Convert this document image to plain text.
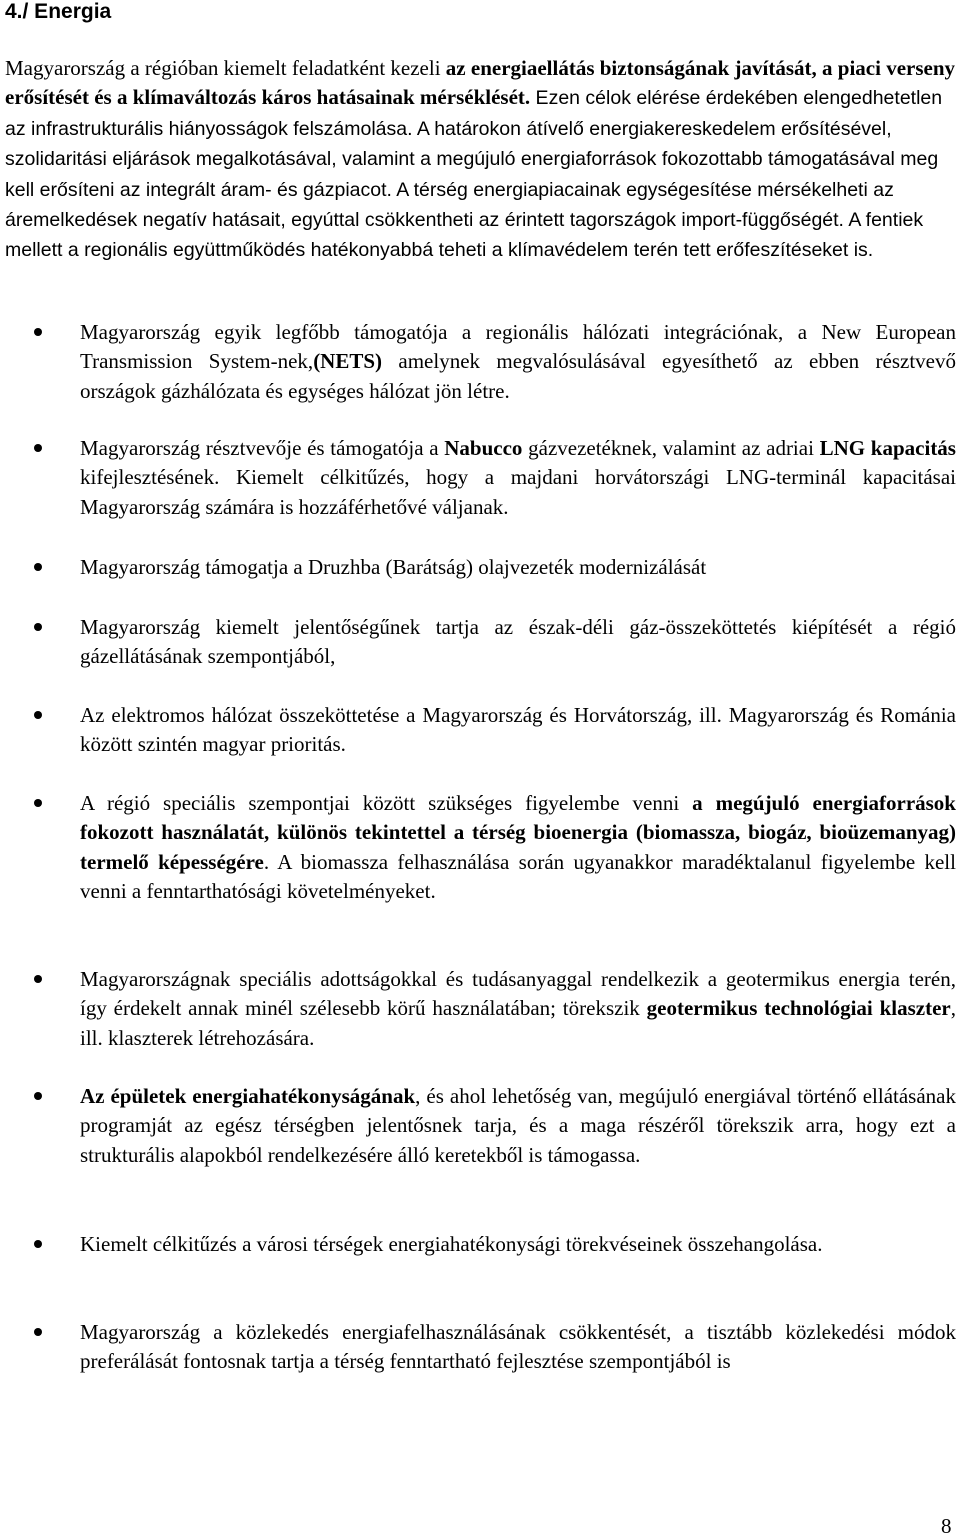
4./ Energia

Magyarország a régióban kiemelt feladatként kezeli az energiaellátás biztonságának javítását, a piaci verseny erősítését és a klímaváltozás káros hatásainak mérséklését. Ezen célok elérése érdekében elengedhetetlen az infrastrukturális hiányosságok felszámolása. A határokon átívelő energiakereskedelem erősítésével, szolidaritási eljárások megalkotásával, valamint a megújuló energiaforrások fokozottabb támogatásával meg kell erősíteni az integrált áram- és gázpiacot. A térség energiapiacainak egységesítése mérsékelheti az áremelkedések negatív hatásait, egyúttal csökkentheti az érintett tagországok import-függőségét. A fentiek mellett a regionális együttműködés hatékonyabbá teheti a klímavédelem terén tett erőfeszítéseket is.

Magyarország egyik legfőbb támogatója a regionális hálózati integrációnak, a New European Transmission System-nek,(NETS) amelynek megvalósulásával egyesíthető az ebben résztvevő országok gázhálózata és egységes hálózat jön létre.
Magyarország résztvevője és támogatója a Nabucco gázvezetéknek, valamint az adriai LNG kapacitás kifejlesztésének. Kiemelt célkitűzés, hogy a majdani horvátországi LNG-terminál kapacitásai Magyarország számára is hozzáférhetővé váljanak.
Magyarország támogatja a Druzhba (Barátság) olajvezeték modernizálását
Magyarország kiemelt jelentőségűnek tartja az észak-déli gáz-összeköttetés kiépítését a régió gázellátásának szempontjából,
Az elektromos hálózat összeköttetése a Magyarország és Horvátország, ill. Magyarország és Románia között szintén magyar prioritás.
A régió speciális szempontjai között szükséges figyelembe venni a megújuló energiaforrások fokozott használatát, különös tekintettel a térség bioenergia (biomassza, biogáz, bioüzemanyag) termelő képességére. A biomassza felhasználása során ugyanakkor maradéktalanul figyelembe kell venni a fenntarthatósági követelményeket.
Magyarországnak speciális adottságokkal és tudásanyaggal rendelkezik a geotermikus energia terén, így érdekelt annak minél szélesebb körű használatában; törekszik geotermikus technológiai klaszter, ill. klaszterek létrehozására.
Az épületek energiahatékonyságának, és ahol lehetőség van, megújuló energiával történő ellátásának programját az egész térségben jelentősnek tarja, és a maga részéről törekszik arra, hogy ezt a strukturális alapokból rendelkezésére álló keretekből is támogassa.
Kiemelt célkitűzés a városi térségek energiahatékonysági törekvéseinek összehangolása.
Magyarország a közlekedés energiafelhasználásának csökkentését, a tisztább közlekedési módok preferálását fontosnak tartja a térség fenntartható fejlesztése szempontjából is
8
